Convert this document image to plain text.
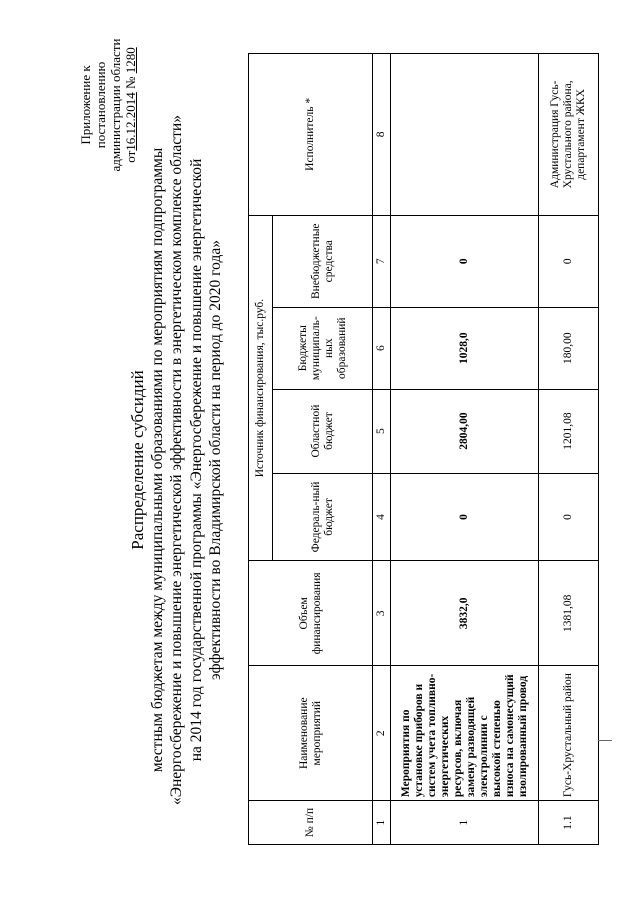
Приложение к постановлению администрации области от16.12.2014 № 1280
Распределение субсидий местным бюджетам между муниципальными образованиями по мероприятиям подпрограммы «Энергосбережение и повышение энергетической эффективности в энергетическом комплексе области» на 2014 год государственной программы «Энергосбережение и повышение энергетической эффективности во Владимирской области на период до 2020 года»
№ п/п	Наименование мероприятий	Объем финансирования	Источник финансирования, тыс.руб.				Исполнитель *
			Федераль-ный бюджет	Областной бюджет	Бюджеты муниципаль-ных образований	Внебюджетные средства	
1	2	3	4	5	6	7	8
1	Мероприятия по установке приборов и систем учета топливно-энергетических ресурсов, включая замену разводящей электролинии с высокой степенью износа на самонесущий изолированный провод	3832,0	0	2804,00	1028,0	0	
1.1	Гусь-Хрустальный район	1381,08	0	1201,08	180,00	0	Администрация Гусь-Хрустального района, департамент ЖКХ
